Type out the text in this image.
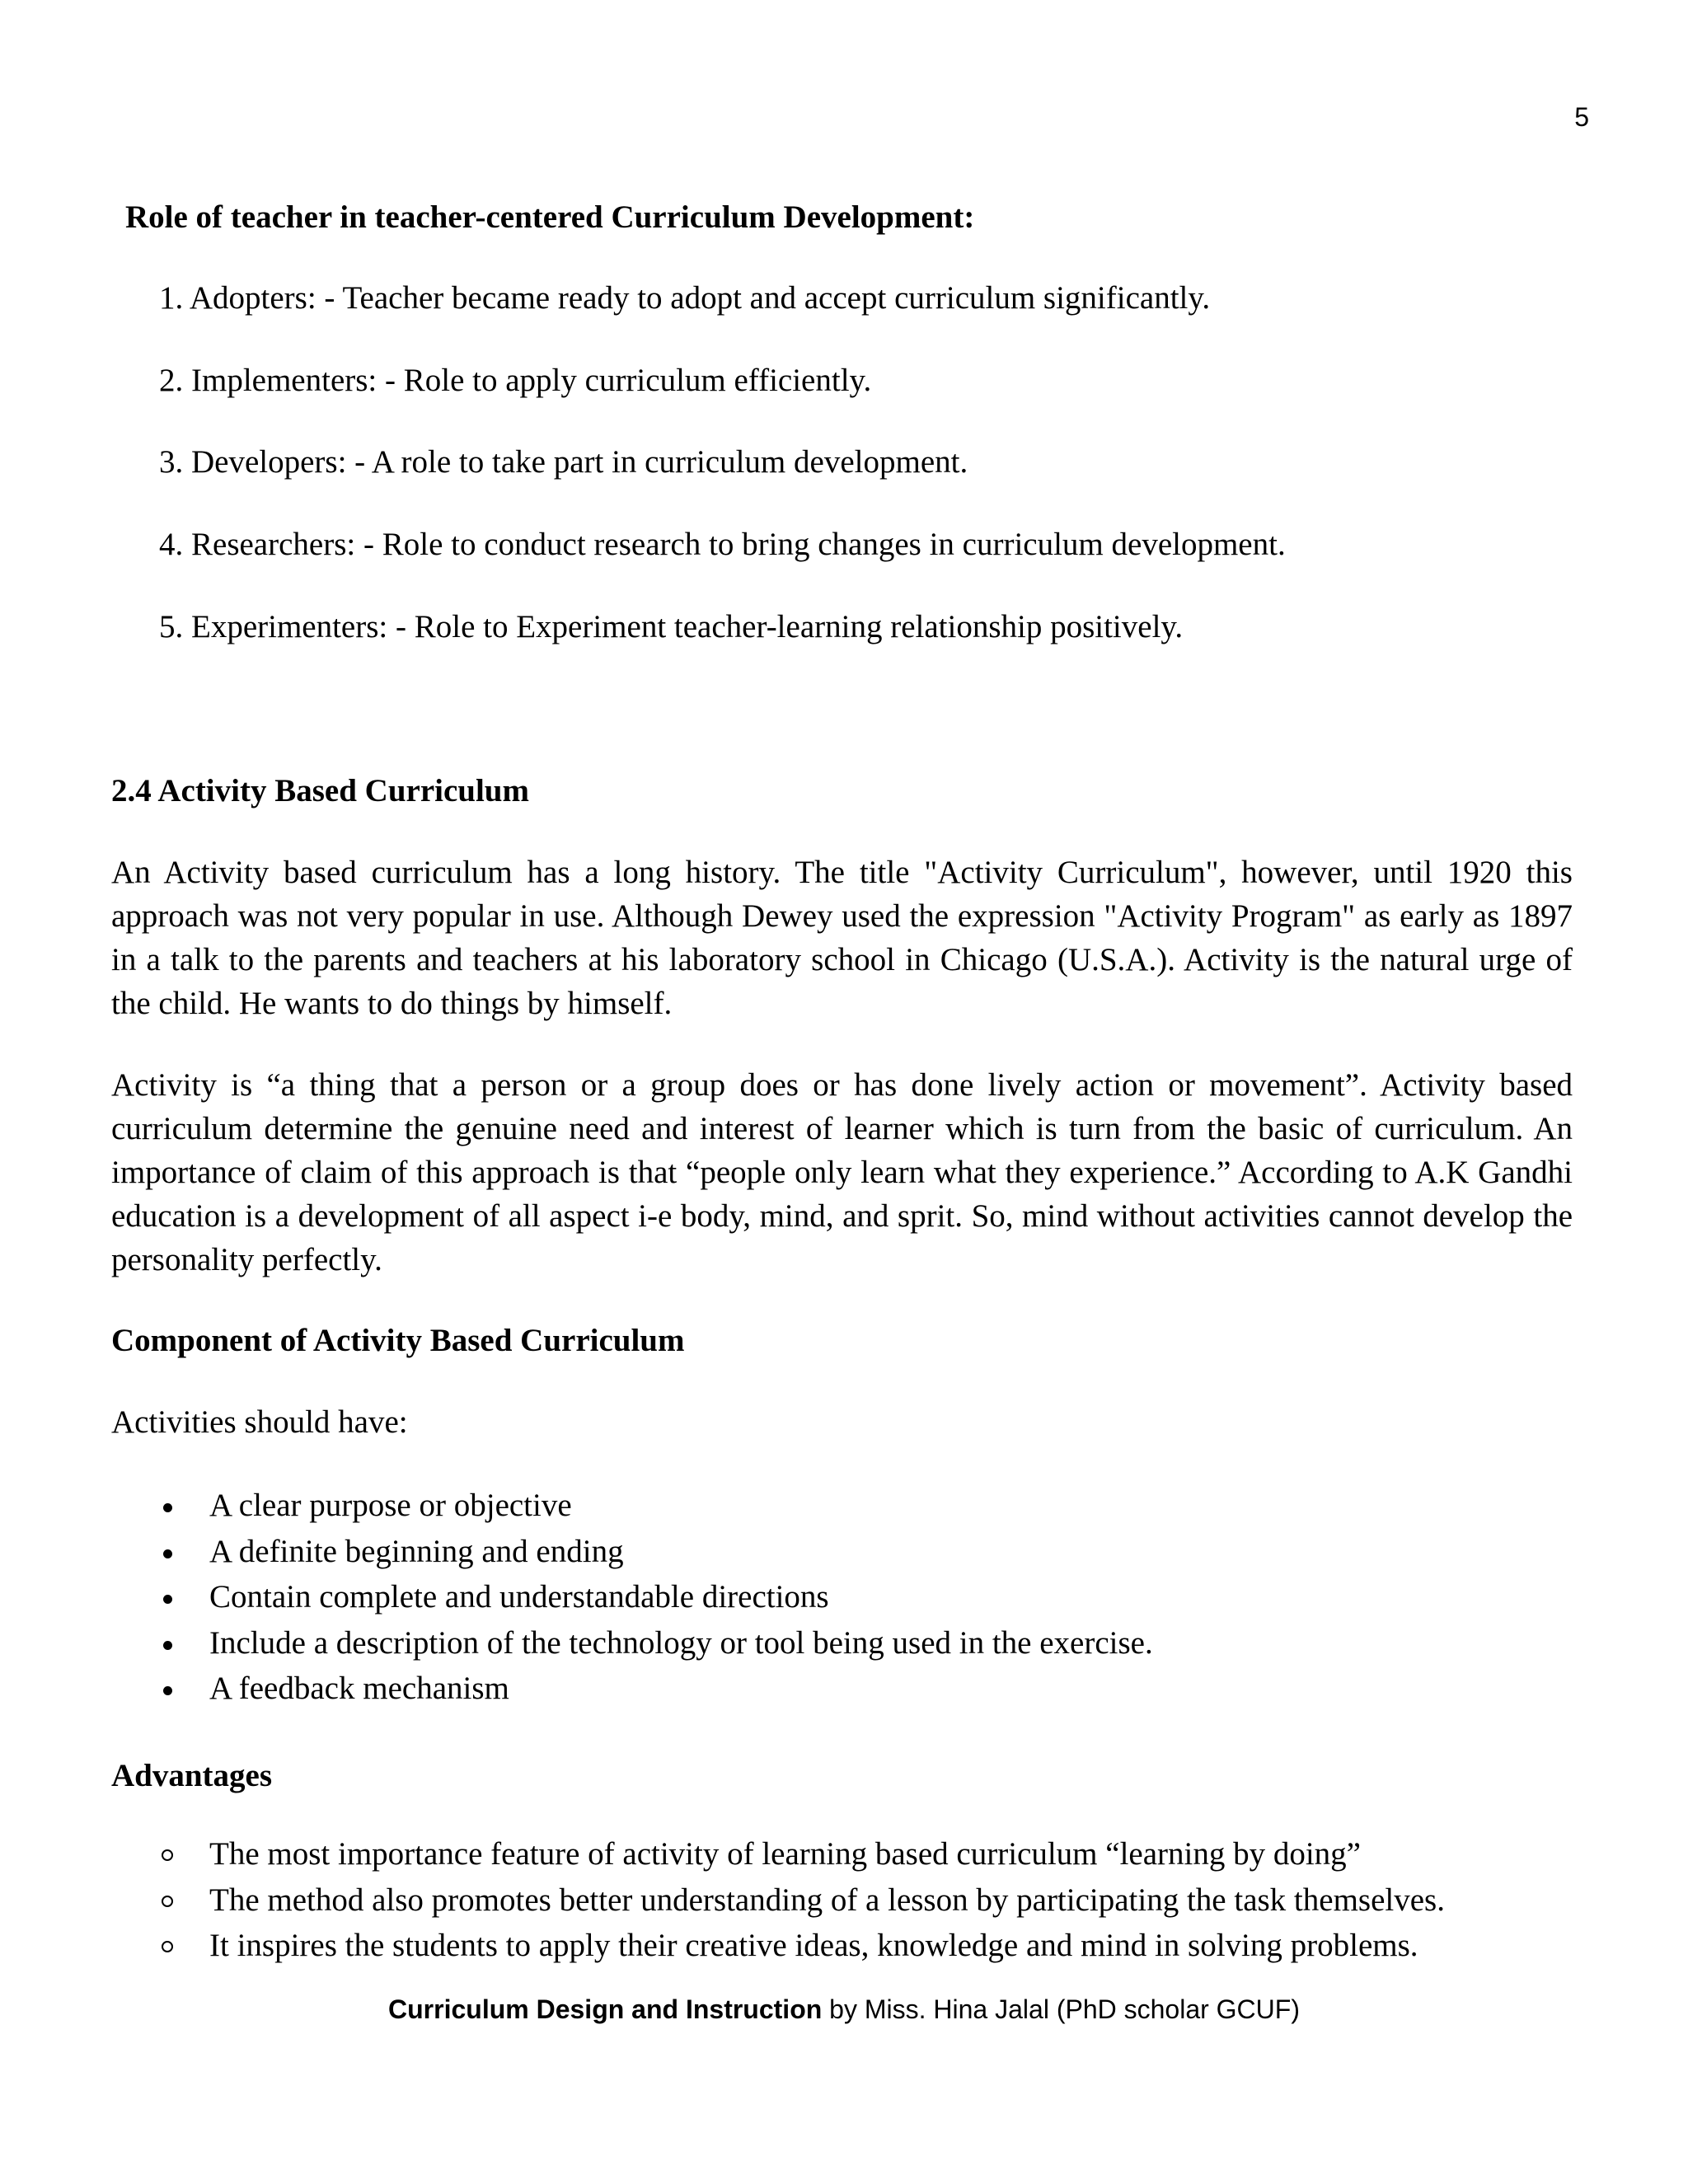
5
Role of teacher in teacher-centered Curriculum Development:
1. Adopters: - Teacher became ready to adopt and accept curriculum significantly.
2. Implementers: - Role to apply curriculum efficiently.
3. Developers: - A role to take part in curriculum development.
4. Researchers: - Role to conduct research to bring changes in curriculum development.
5. Experimenters: - Role to Experiment teacher-learning relationship positively.
2.4 Activity Based Curriculum
An Activity based curriculum has a long history. The title "Activity Curriculum", however, until 1920 this approach was not very popular in use. Although Dewey used the expression "Activity Program" as early as 1897 in a talk to the parents and teachers at his laboratory school in Chicago (U.S.A.). Activity is the natural urge of the child. He wants to do things by himself.
Activity is “a thing that a person or a group does or has done lively action or movement”. Activity based curriculum determine the genuine need and interest of learner which is turn from the basic of curriculum. An importance of claim of this approach is that “people only learn what they experience.” According to A.K Gandhi education is a development of all aspect i-e body, mind, and sprit. So, mind without activities cannot develop the personality perfectly.
Component of Activity Based Curriculum
Activities should have:
A clear purpose or objective
A definite beginning and ending
Contain complete and understandable directions
Include a description of the technology or tool being used in the exercise.
A feedback mechanism
Advantages
The most importance feature of activity of learning based curriculum “learning by doing”
The method also promotes better understanding of a lesson by participating the task themselves.
It inspires the students to apply their creative ideas, knowledge and mind in solving problems.
Curriculum Design and Instruction by Miss. Hina Jalal (PhD scholar GCUF)
